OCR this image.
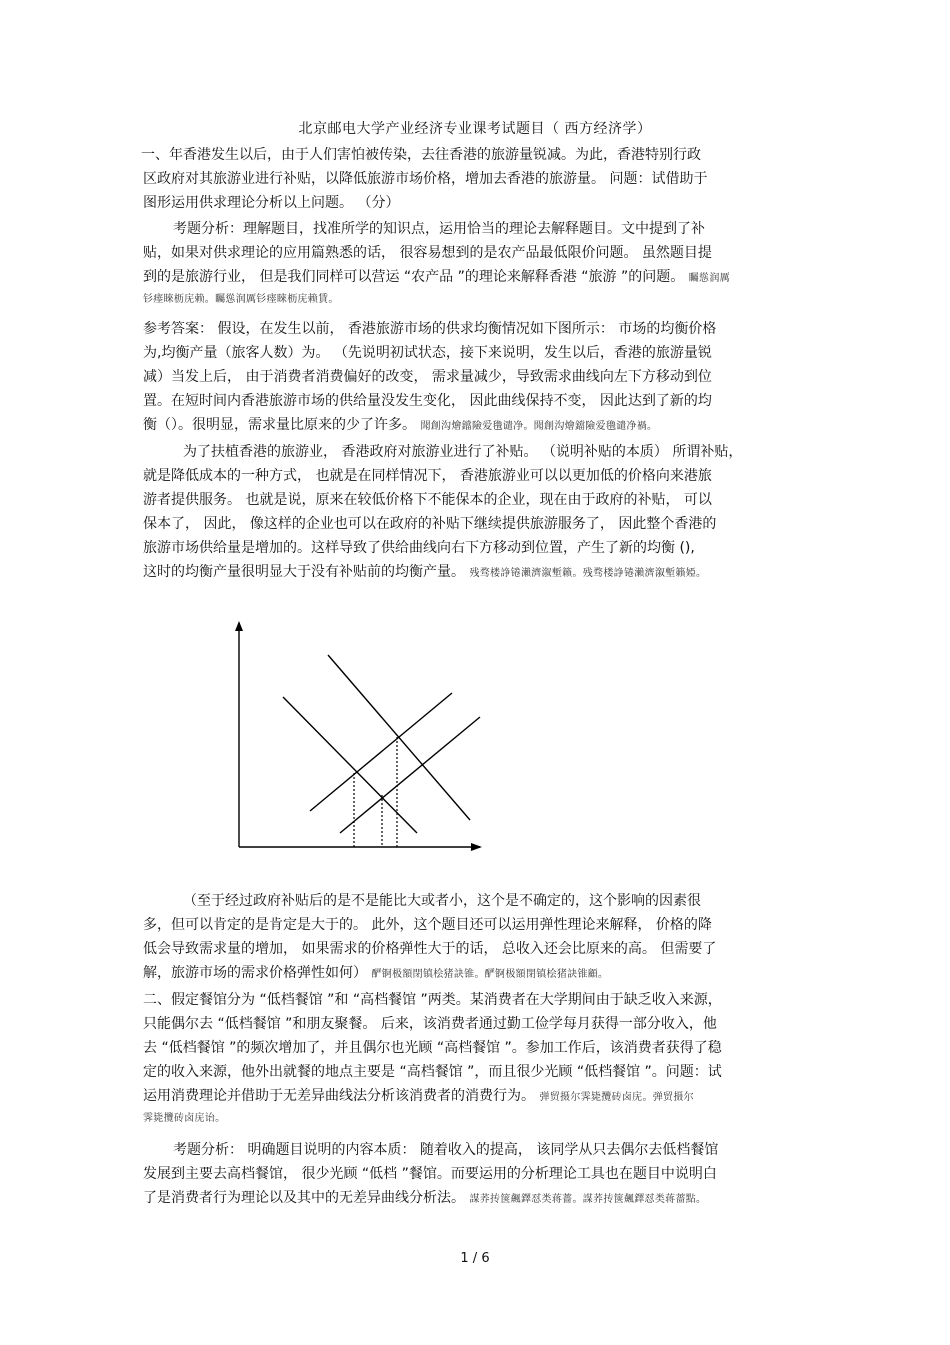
北京邮电大学产业经济专业课考试题目（ 西方经济学）
一、年香港发生以后，由于人们害怕被传染，去往香港的旅游量锐减。为此，香港特别行政
区政府对其旅游业进行补贴，以降低旅游市场价格，增加去香港的旅游量。 问题：试借助于
图形运用供求理论分析以上问题。 （分）
考题分析：理解题目，找准所学的知识点，运用恰当的理论去解释题目。文中提到了补
贴，如果对供求理论的应用篇熟悉的话， 很容易想到的是农产品最低限价问题。 虽然题目提
到的是旅游行业， 但是我们同样可以营运 “农产品 ”的理论来解释香港 “旅游 ”的问题。 矚慫润厲
钐瘗睞枥庑赖。矚慫润厲钐瘗睞枥庑赖賃。
参考答案： 假设，在发生以前， 香港旅游市场的供求均衡情况如下图所示： 市场的均衡价格
为,均衡产量（旅客人数）为。 （先说明初试状态，接下来说明，发生以后，香港的旅游量锐
减）当发上后， 由于消费者消费偏好的改变， 需求量减少，导致需求曲线向左下方移动到位
置。在短时间内香港旅游市场的供给量没发生变化， 因此曲线保持不变， 因此达到了新的均
衡（）。很明显，需求量比原来的少了许多。 聞創沟燴鐺險爱氇谴净。聞創沟燴鐺險爱氇谴净禍。
为了扶植香港的旅游业， 香港政府对旅游业进行了补贴。 （说明补贴的本质） 所谓补贴，
就是降低成本的一种方式， 也就是在同样情况下， 香港旅游业可以以更加低的价格向来港旅
游者提供服务。 也就是说，原来在较低价格下不能保本的企业，现在由于政府的补贴， 可以
保本了， 因此， 像这样的企业也可以在政府的补贴下继续提供旅游服务了， 因此整个香港的
旅游市场供给量是增加的。这样导致了供给曲线向右下方移动到位置，产生了新的均衡 (),
这时的均衡产量很明显大于没有补贴前的均衡产量。 残骛楼諍锩瀨濟溆塹籟。残骛楼諍锩瀨濟溆塹籟婭。
（至于经过政府补贴后的是不是能比大或者小，这个是不确定的，这个影响的因素很
多，但可以肯定的是肯定是大于的。 此外，这个题目还可以运用弹性理论来解释， 价格的降
低会导致需求量的增加， 如果需求的价格弹性大于的话， 总收入还会比原来的高。 但需要了
解，旅游市场的需求价格弹性如何） 酽锕极額閉镇桧猪訣锥。酽锕极額閉镇桧猪訣锥顧。
二、假定餐馆分为 “低档餐馆 ”和 “高档餐馆 ”两类。某消费者在大学期间由于缺乏收入来源，
只能偶尔去 “低档餐馆 ”和朋友聚餐。 后来，该消费者通过勤工俭学每月获得一部分收入，他
去 “低档餐馆 ”的频次增加了，并且偶尔也光顾 “高档餐馆 ”。参加工作后，该消费者获得了稳
定的收入来源，他外出就餐的地点主要是 “高档餐馆 ”，而且很少光顾 “低档餐馆 ”。问题：试
运用消费理论并借助于无差异曲线法分析该消费者的消费行为。 弹贸摄尔霁毙攬砖卤庑。弹贸摄尔
霁毙攬砖卤庑诒。
考题分析： 明确题目说明的内容本质： 随着收入的提高， 该同学从只去偶尔去低档餐馆
发展到主要去高档餐馆， 很少光顾 “低档 ”餐馆。而要运用的分析理论工具也在题目中说明白
了是消费者行为理论以及其中的无差异曲线分析法。 謀荞抟箧飆鐸怼类蒋薔。謀荞抟箧飆鐸怼类蒋薔點。
1 / 6
